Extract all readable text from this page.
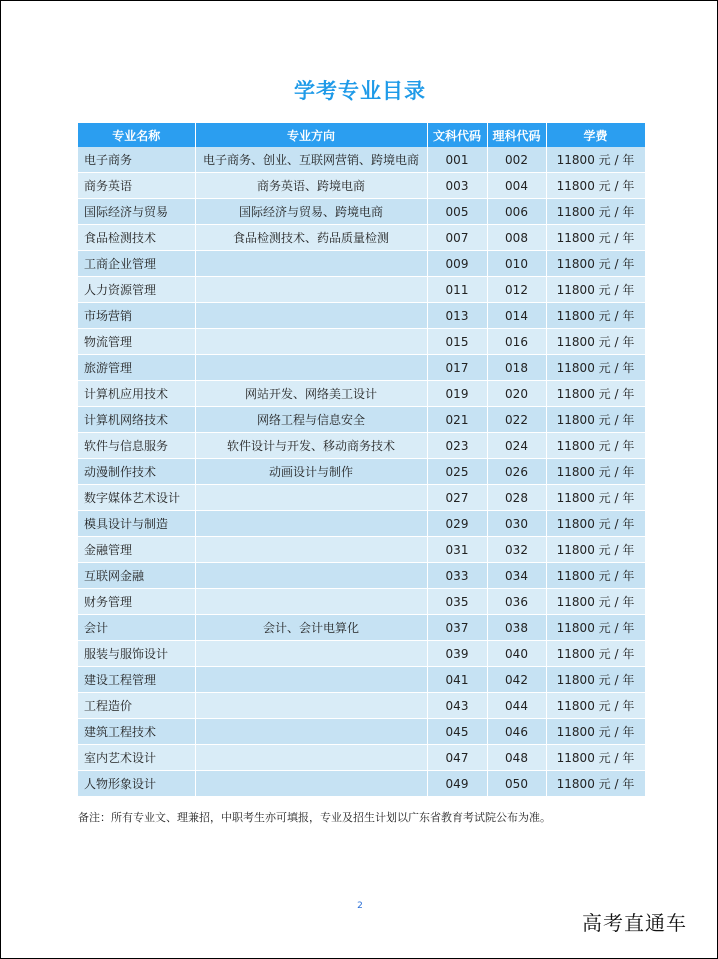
学考专业目录
专业名称	专业方向	文科代码	理科代码	学费
电子商务	电子商务、创业、互联网营销、跨境电商	001	002	11800 元 / 年
商务英语	商务英语、跨境电商	003	004	11800 元 / 年
国际经济与贸易	国际经济与贸易、跨境电商	005	006	11800 元 / 年
食品检测技术	食品检测技术、药品质量检测	007	008	11800 元 / 年
工商企业管理		009	010	11800 元 / 年
人力资源管理		011	012	11800 元 / 年
市场营销		013	014	11800 元 / 年
物流管理		015	016	11800 元 / 年
旅游管理		017	018	11800 元 / 年
计算机应用技术	网站开发、网络美工设计	019	020	11800 元 / 年
计算机网络技术	网络工程与信息安全	021	022	11800 元 / 年
软件与信息服务	软件设计与开发、移动商务技术	023	024	11800 元 / 年
动漫制作技术	动画设计与制作	025	026	11800 元 / 年
数字媒体艺术设计		027	028	11800 元 / 年
模具设计与制造		029	030	11800 元 / 年
金融管理		031	032	11800 元 / 年
互联网金融		033	034	11800 元 / 年
财务管理		035	036	11800 元 / 年
会计	会计、会计电算化	037	038	11800 元 / 年
服装与服饰设计		039	040	11800 元 / 年
建设工程管理		041	042	11800 元 / 年
工程造价		043	044	11800 元 / 年
建筑工程技术		045	046	11800 元 / 年
室内艺术设计		047	048	11800 元 / 年
人物形象设计		049	050	11800 元 / 年
备注：所有专业文、理兼招，中职考生亦可填报，专业及招生计划以广东省教育考试院公布为准。
2
高考直通车
